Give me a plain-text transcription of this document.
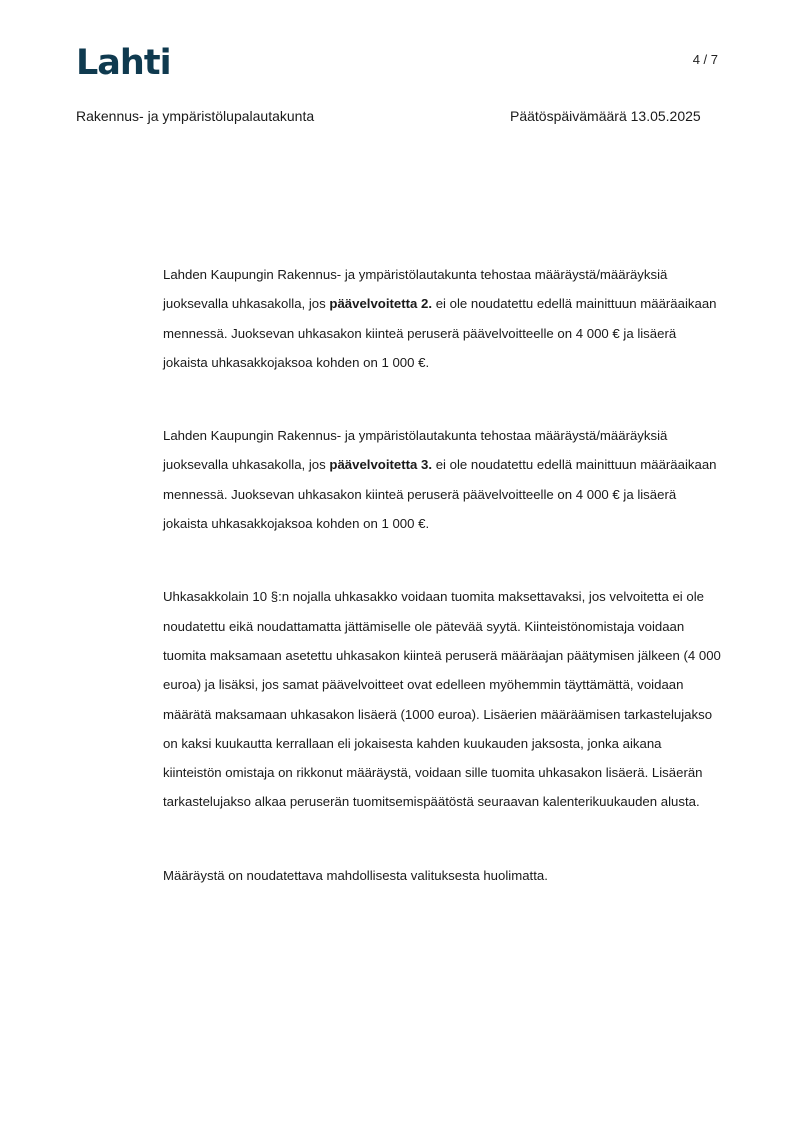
Lahti	4 / 7
Rakennus- ja ympäristölupalautakunta	Päätöspäivämäärä 13.05.2025

Lahden Kaupungin Rakennus- ja ympäristölautakunta tehostaa määräystä/määräyksiä juoksevalla uhkasakolla, jos päävelvoitetta 2. ei ole noudatettu edellä mainittuun määräaikaan mennessä. Juoksevan uhkasakon kiinteä peruserä päävelvoitteelle on 4 000 € ja lisäerä jokaista uhkasakkojaksoa kohden on 1 000 €.

Lahden Kaupungin Rakennus- ja ympäristölautakunta tehostaa määräystä/määräyksiä juoksevalla uhkasakolla, jos päävelvoitetta 3. ei ole noudatettu edellä mainittuun määräaikaan mennessä. Juoksevan uhkasakon kiinteä peruserä päävelvoitteelle on 4 000 € ja lisäerä jokaista uhkasakkojaksoa kohden on 1 000 €.

Uhkasakkolain 10 §:n nojalla uhkasakko voidaan tuomita maksettavaksi, jos velvoitetta ei ole noudatettu eikä noudattamatta jättämiselle ole pätevää syytä. Kiinteistönomistaja voidaan tuomita maksamaan asetettu uhkasakon kiinteä peruserä määräajan päätymisen jälkeen (4 000 euroa) ja lisäksi, jos samat päävelvoitteet ovat edelleen myöhemmin täyttämättä, voidaan määrätä maksamaan uhkasakon lisäerä (1000 euroa). Lisäerien määräämisen tarkastelujakso on kaksi kuukautta kerrallaan eli jokaisesta kahden kuukauden jaksosta, jonka aikana kiinteistön omistaja on rikkonut määräystä, voidaan sille tuomita uhkasakon lisäerä. Lisäerän tarkastelujakso alkaa peruserän tuomitsemispäätöstä seuraavan kalenterikuukauden alusta.

Määräystä on noudatettava mahdollisesta valituksesta huolimatta.
